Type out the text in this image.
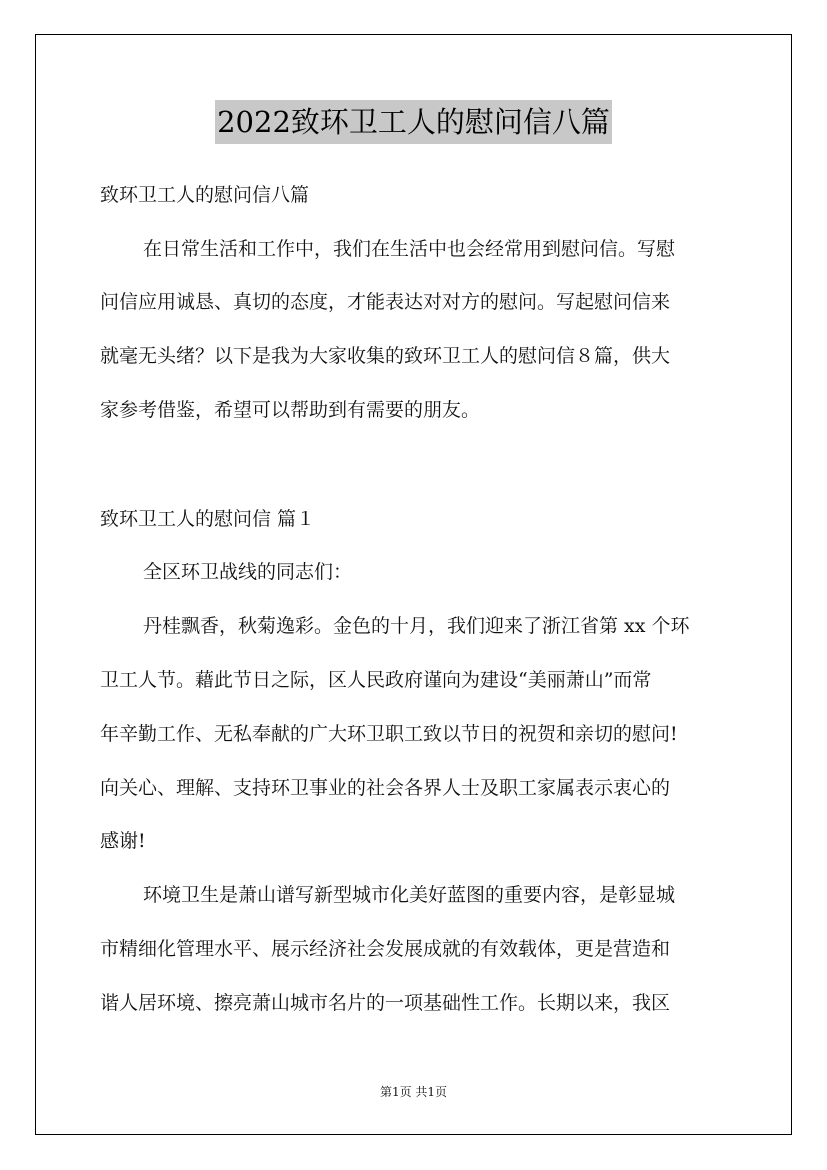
2022致环卫工人的慰问信八篇
致环卫工人的慰问信八篇
在日常生活和工作中，我们在生活中也会经常用到慰问信。写慰
问信应用诚恳、真切的态度，才能表达对对方的慰问。写起慰问信来
就毫无头绪？以下是我为大家收集的致环卫工人的慰问信８篇，供大
家参考借鉴，希望可以帮助到有需要的朋友。
致环卫工人的慰问信 篇１
全区环卫战线的同志们：
丹桂飘香，秋菊逸彩。金色的十月，我们迎来了浙江省第 xx 个环
卫工人节。藉此节日之际，区人民政府谨向为建设“美丽萧山”而常
年辛勤工作、无私奉献的广大环卫职工致以节日的祝贺和亲切的慰问!
向关心、理解、支持环卫事业的社会各界人士及职工家属表示衷心的
感谢!
环境卫生是萧山谱写新型城市化美好蓝图的重要内容，是彰显城
市精细化管理水平、展示经济社会发展成就的有效载体，更是营造和
谐人居环境、擦亮萧山城市名片的一项基础性工作。长期以来，我区
第1页 共1页
